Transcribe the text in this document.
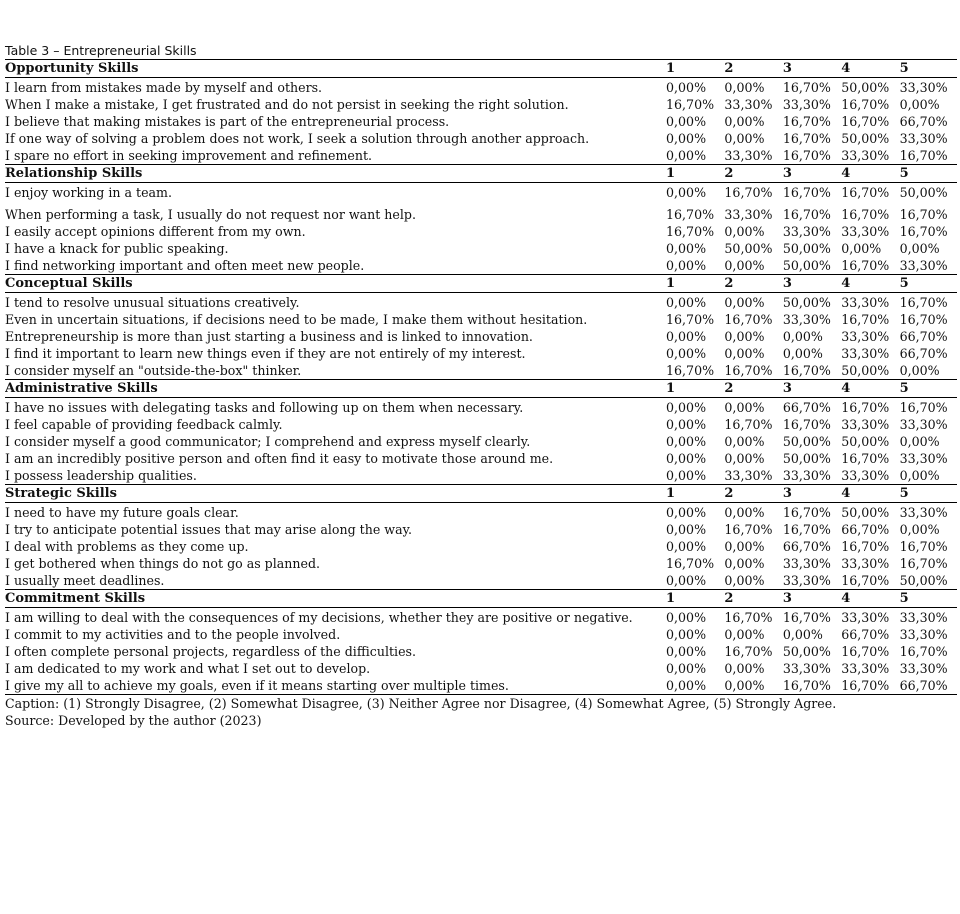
Table 3 – Entrepreneurial Skills
Opportunity Skills	1	2	3	4	5
I learn from mistakes made by myself and others.	0,00%	0,00%	16,70%	50,00%	33,30%
When I make a mistake, I get frustrated and do not persist in seeking the right solution.	16,70%	33,30%	33,30%	16,70%	0,00%
I believe that making mistakes is part of the entrepreneurial process.	0,00%	0,00%	16,70%	16,70%	66,70%
If one way of solving a problem does not work, I seek a solution through another approach.	0,00%	0,00%	16,70%	50,00%	33,30%
I spare no effort in seeking improvement and refinement.	0,00%	33,30%	16,70%	33,30%	16,70%
Relationship Skills	1	2	3	4	5
I enjoy working in a team.	0,00%	16,70%	16,70%	16,70%	50,00%
When performing a task, I usually do not request nor want help.	16,70%	33,30%	16,70%	16,70%	16,70%
I easily accept opinions different from my own.	16,70%	0,00%	33,30%	33,30%	16,70%
I have a knack for public speaking.	0,00%	50,00%	50,00%	0,00%	0,00%
I find networking important and often meet new people.	0,00%	0,00%	50,00%	16,70%	33,30%
Conceptual Skills	1	2	3	4	5
I tend to resolve unusual situations creatively.	0,00%	0,00%	50,00%	33,30%	16,70%
Even in uncertain situations, if decisions need to be made, I make them without hesitation.	16,70%	16,70%	33,30%	16,70%	16,70%
Entrepreneurship is more than just starting a business and is linked to innovation.	0,00%	0,00%	0,00%	33,30%	66,70%
I find it important to learn new things even if they are not entirely of my interest.	0,00%	0,00%	0,00%	33,30%	66,70%
I consider myself an "outside-the-box" thinker.	16,70%	16,70%	16,70%	50,00%	0,00%
Administrative Skills	1	2	3	4	5
I have no issues with delegating tasks and following up on them when necessary.	0,00%	0,00%	66,70%	16,70%	16,70%
I feel capable of providing feedback calmly.	0,00%	16,70%	16,70%	33,30%	33,30%
I consider myself a good communicator; I comprehend and express myself clearly.	0,00%	0,00%	50,00%	50,00%	0,00%
I am an incredibly positive person and often find it easy to motivate those around me.	0,00%	0,00%	50,00%	16,70%	33,30%
I possess leadership qualities.	0,00%	33,30%	33,30%	33,30%	0,00%
Strategic Skills	1	2	3	4	5
I need to have my future goals clear.	0,00%	0,00%	16,70%	50,00%	33,30%
I try to anticipate potential issues that may arise along the way.	0,00%	16,70%	16,70%	66,70%	0,00%
I deal with problems as they come up.	0,00%	0,00%	66,70%	16,70%	16,70%
I get bothered when things do not go as planned.	16,70%	0,00%	33,30%	33,30%	16,70%
I usually meet deadlines.	0,00%	0,00%	33,30%	16,70%	50,00%
Commitment Skills	1	2	3	4	5
I am willing to deal with the consequences of my decisions, whether they are positive or negative.	0,00%	16,70%	16,70%	33,30%	33,30%
I commit to my activities and to the people involved.	0,00%	0,00%	0,00%	66,70%	33,30%
I often complete personal projects, regardless of the difficulties.	0,00%	16,70%	50,00%	16,70%	16,70%
I am dedicated to my work and what I set out to develop.	0,00%	0,00%	33,30%	33,30%	33,30%
I give my all to achieve my goals, even if it means starting over multiple times.	0,00%	0,00%	16,70%	16,70%	66,70%
Caption: (1) Strongly Disagree, (2) Somewhat Disagree, (3) Neither Agree nor Disagree, (4) Somewhat Agree, (5) Strongly Agree.
Source: Developed by the author (2023)
